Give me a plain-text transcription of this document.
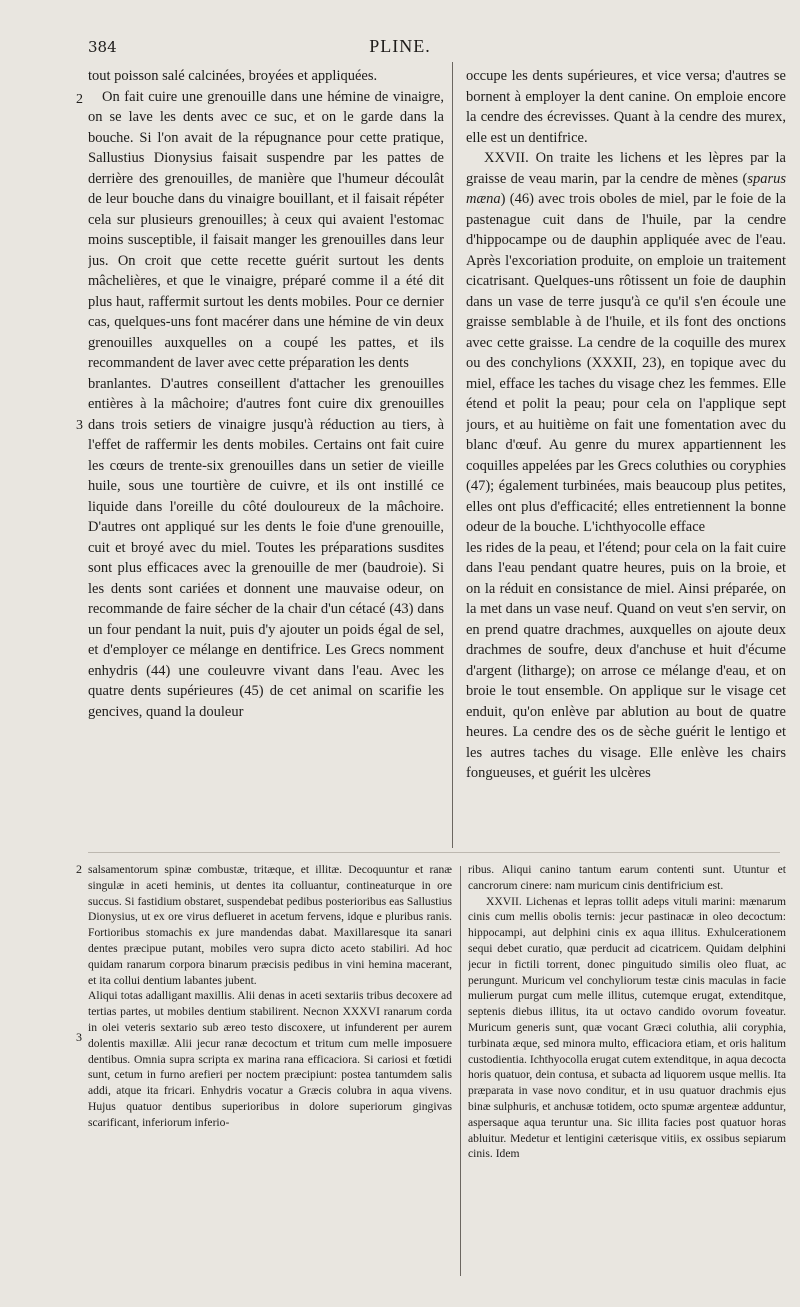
384	PLINE.

tout poisson salé calcinées, broyées et appliquées.

On fait cuire une grenouille dans une hémine de vinaigre, on se lave les dents avec ce suc, et on le garde dans la bouche. Si l'on avait de la répugnance pour cette pratique, Sallustius Dionysius faisait suspendre par les pattes de derrière des grenouilles, de manière que l'humeur découlât de leur bouche dans du vinaigre bouillant, et il faisait répéter cela sur plusieurs grenouilles; à ceux qui avaient l'estomac moins susceptible, il faisait manger les grenouilles dans leur jus. On croit que cette recette guérit surtout les dents mâchelières, et que le vinaigre, préparé comme il a été dit plus haut, raffermit surtout les dents mobiles. Pour ce dernier cas, quelques-uns font macérer dans une hémine de vin deux grenouilles auxquelles on a coupé les pattes, et ils recommandent de laver avec cette préparation les dents

branlantes. D'autres conseillent d'attacher les grenouilles entières à la mâchoire; d'autres font cuire dix grenouilles dans trois setiers de vinaigre jusqu'à réduction au tiers, à l'effet de raffermir les dents mobiles. Certains ont fait cuire les cœurs de trente-six grenouilles dans un setier de vieille huile, sous une tourtière de cuivre, et ils ont instillé ce liquide dans l'oreille du côté douloureux de la mâchoire. D'autres ont appliqué sur les dents le foie d'une grenouille, cuit et broyé avec du miel. Toutes les préparations susdites sont plus efficaces avec la grenouille de mer (baudroie). Si les dents sont cariées et donnent une mauvaise odeur, on recommande de faire sécher de la chair d'un cétacé (43) dans un four pendant la nuit, puis d'y ajouter un poids égal de sel, et d'employer ce mélange en dentifrice. Les Grecs nomment enhydris (44) une couleuvre vivant dans l'eau. Avec les quatre dents supérieures (45) de cet animal on scarifie les gencives, quand la douleur

2
3

occupe les dents supérieures, et vice versa; d'autres se bornent à employer la dent canine. On emploie encore la cendre des écrevisses. Quant à la cendre des murex, elle est un dentifrice.

XXVII. On traite les lichens et les lèpres par la graisse de veau marin, par la cendre de mènes (sparus mæna) (46) avec trois oboles de miel, par le foie de la pastenague cuit dans de l'huile, par la cendre d'hippocampe ou de dauphin appliquée avec de l'eau. Après l'excoriation produite, on emploie un traitement cicatrisant. Quelques-uns rôtissent un foie de dauphin dans un vase de terre jusqu'à ce qu'il s'en écoule une graisse semblable à de l'huile, et ils font des onctions avec cette graisse. La cendre de la coquille des murex ou des conchylions (XXXII, 23), en topique avec du miel, efface les taches du visage chez les femmes. Elle étend et polit la peau; pour cela on l'applique sept jours, et au huitième on fait une fomentation avec du blanc d'œuf. Au genre du murex appartiennent les coquilles appelées par les Grecs coluthies ou coryphies (47); également turbinées, mais beaucoup plus petites, elles ont plus d'efficacité; elles entretiennent la bonne odeur de la bouche. L'ichthyocolle efface

les rides de la peau, et l'étend; pour cela on la fait cuire dans l'eau pendant quatre heures, puis on la broie, et on la réduit en consistance de miel. Ainsi préparée, on la met dans un vase neuf. Quand on veut s'en servir, on en prend quatre drachmes, auxquelles on ajoute deux drachmes de soufre, deux d'anchuse et huit d'écume d'argent (litharge); on arrose ce mélange d'eau, et on broie le tout ensemble. On applique sur le visage cet enduit, qu'on enlève par ablution au bout de quatre heures. La cendre des os de sèche guérit le lentigo et les autres taches du visage. Elle enlève les chairs fongueuses, et guérit les ulcères

salsamentorum spinæ combustæ, tritæque, et illitæ. Decoquuntur et ranæ singulæ in aceti heminis, ut dentes ita colluantur, contineaturque in ore succus. Si fastidium obstaret, suspendebat pedibus posterioribus eas Sallustius Dionysius, ut ex ore virus deflueret in acetum fervens, idque e pluribus ranis. Fortioribus stomachis ex jure mandendas dabat. Maxillaresque ita sanari dentes præcipue putant, mobiles vero supra dicto aceto stabiliri. Ad hoc quidam ranarum corpora binarum præcisis pedibus in vini hemina macerant, et ita collui dentium labantes jubent.

Aliqui totas adalligant maxillis. Alii denas in aceti sextariis tribus decoxere ad tertias partes, ut mobiles dentium stabilirent. Necnon XXXVI ranarum corda in olei veteris sextario sub æreo testo discoxere, ut infunderent per aurem dolentis maxillæ. Alii jecur ranæ decoctum et tritum cum melle imposuere dentibus. Omnia supra scripta ex marina rana efficaciora. Si cariosi et fœtidi sunt, cetum in furno arefieri per noctem præcipiunt: postea tantumdem salis addi, atque ita fricari. Enhydris vocatur a Græcis colubra in aqua vivens. Hujus quatuor dentibus superioribus in dolore superiorum gingivas scarificant, inferiorum inferio-

2
3

ribus. Aliqui canino tantum earum contenti sunt. Utuntur et cancrorum cinere: nam muricum cinis dentifricium est.

XXVII. Lichenas et lepras tollit adeps vituli marini: mænarum cinis cum mellis obolis ternis: jecur pastinacæ in oleo decoctum: hippocampi, aut delphini cinis ex aqua illitus. Exhulcerationem sequi debet curatio, quæ perducit ad cicatricem. Quidam delphini jecur in fictili torrent, donec pinguitudo similis oleo fluat, ac perungunt. Muricum vel conchyliorum testæ cinis maculas in facie mulierum purgat cum melle illitus, cutemque erugat, extenditque, septenis diebus illitus, ita ut octavo candido ovorum foveatur. Muricum generis sunt, quæ vocant Græci coluthia, alii coryphia, turbinata æque, sed minora multo, efficaciora etiam, et oris halitum custodientia. Ichthyocolla erugat cutem extenditque, in aqua decocta horis quatuor, dein contusa, et subacta ad liquorem usque mellis. Ita præparata in vase novo conditur, et in usu quatuor drachmis ejus binæ sulphuris, et anchusæ totidem, octo spumæ argenteæ adduntur, aspersaque aqua teruntur una. Sic illita facies post quatuor horas abluitur. Medetur et lentigini cæterisque vitiis, ex ossibus sepiarum cinis. Idem
